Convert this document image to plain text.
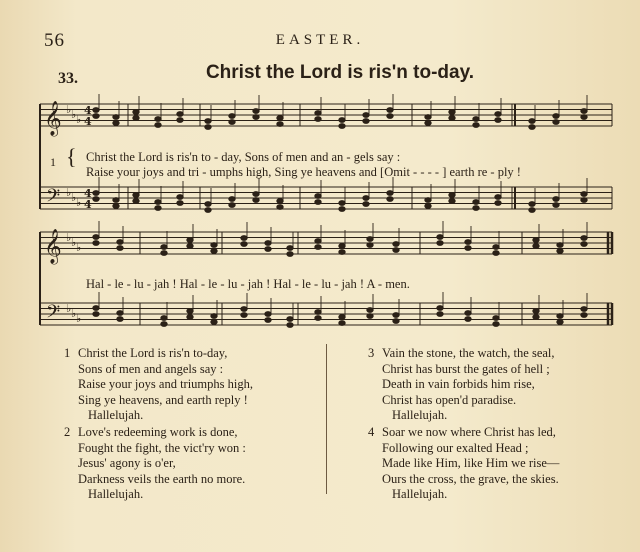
56	EASTER.
33.	Christ the Lord is ris'n to-day.
𝄞
𝄞
𝄢
𝄢
♭ ♭ ♭
♭ ♭ ♭
♭ ♭ ♭
♭ ♭ ♭
4
4
4
4
1 { Christ the Lord is ris'n to - day, Sons of men and an - gels say :
Raise your joys and tri - umphs high, Sing ye heavens and [Omit - - - - ] earth re - ply !
Hal - le - lu - jah ! Hal - le - lu - jah ! Hal - le - lu - jah ! A - men.
1 Christ the Lord is ris'n to-day,
Sons of men and angels say :
Raise your joys and triumphs high,
Sing ye heavens, and earth reply !
Hallelujah.
2 Love's redeeming work is done,
Fought the fight, the vict'ry won :
Jesus' agony is o'er,
Darkness veils the earth no more.
Hallelujah.
3 Vain the stone, the watch, the seal,
Christ has burst the gates of hell ;
Death in vain forbids him rise,
Christ has open'd paradise.
Hallelujah.
4 Soar we now where Christ has led,
Following our exalted Head ;
Made like Him, like Him we rise—
Ours the cross, the grave, the skies.
Hallelujah.
